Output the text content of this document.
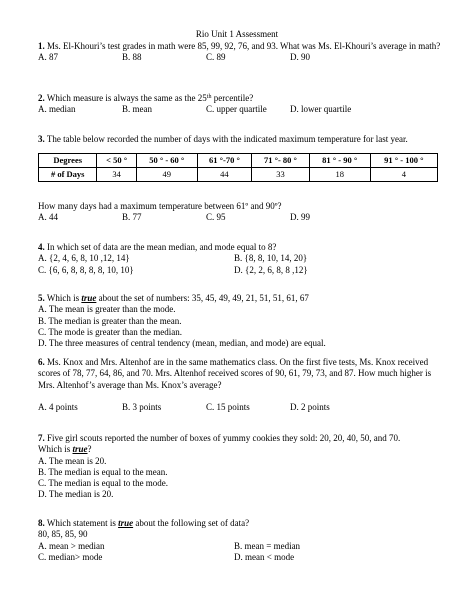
Rio Unit 1 Assessment
1. Ms. El-Khouri’s test grades in math were 85, 99, 92, 76, and 93. What was Ms. El-Khouri’s average in math?
A. 87	B. 88	C. 89	D. 90
2. Which measure is always the same as the 25th percentile?
A. median	B. mean	C. upper quartile	D. lower quartile
3. The table below recorded the number of days with the indicated maximum temperature for last year.
Degrees	< 50 °	50 ° - 60 °	61 °-70 °	71 °- 80 °	81 ° - 90 °	91 ° - 100 °
# of Days	34	49	44	33	18	4
How many days had a maximum temperature between 61º and 90º?
A. 44	B. 77	C. 95	D. 99
4. In which set of data are the mean median, and mode equal to 8?
A. {2, 4, 6, 8, 10 ,12, 14}	B. {8, 8, 10, 14, 20}
C. {6, 6, 8, 8, 8, 8, 10, 10}	D. {2, 2, 6, 8, 8 ,12}
5. Which is true about the set of numbers: 35, 45, 49, 49, 21, 51, 51, 61, 67
A. The mean is greater than the mode.
B. The median is greater than the mean.
C. The mode is greater than the median.
D. The three measures of central tendency (mean, median, and mode) are equal.
6. Ms. Knox and Mrs. Altenhof are in the same mathematics class. On the first five tests, Ms. Knox received scores of 78, 77, 64, 86, and 70. Mrs. Altenhof received scores of 90, 61, 79, 73, and 87. How much higher is Mrs. Altenhof’s average than Ms. Knox’s average?
A. 4 points	B. 3 points	C. 15 points	D. 2 points
7. Five girl scouts reported the number of boxes of yummy cookies they sold: 20, 20, 40, 50, and 70.
Which is true?
A. The mean is 20.
B. The median is equal to the mean.
C. The median is equal to the mode.
D. The median is 20.
8. Which statement is true about the following set of data?
80, 85, 85, 90
A. mean > median	B. mean = median
C. median> mode	D. mean < mode
